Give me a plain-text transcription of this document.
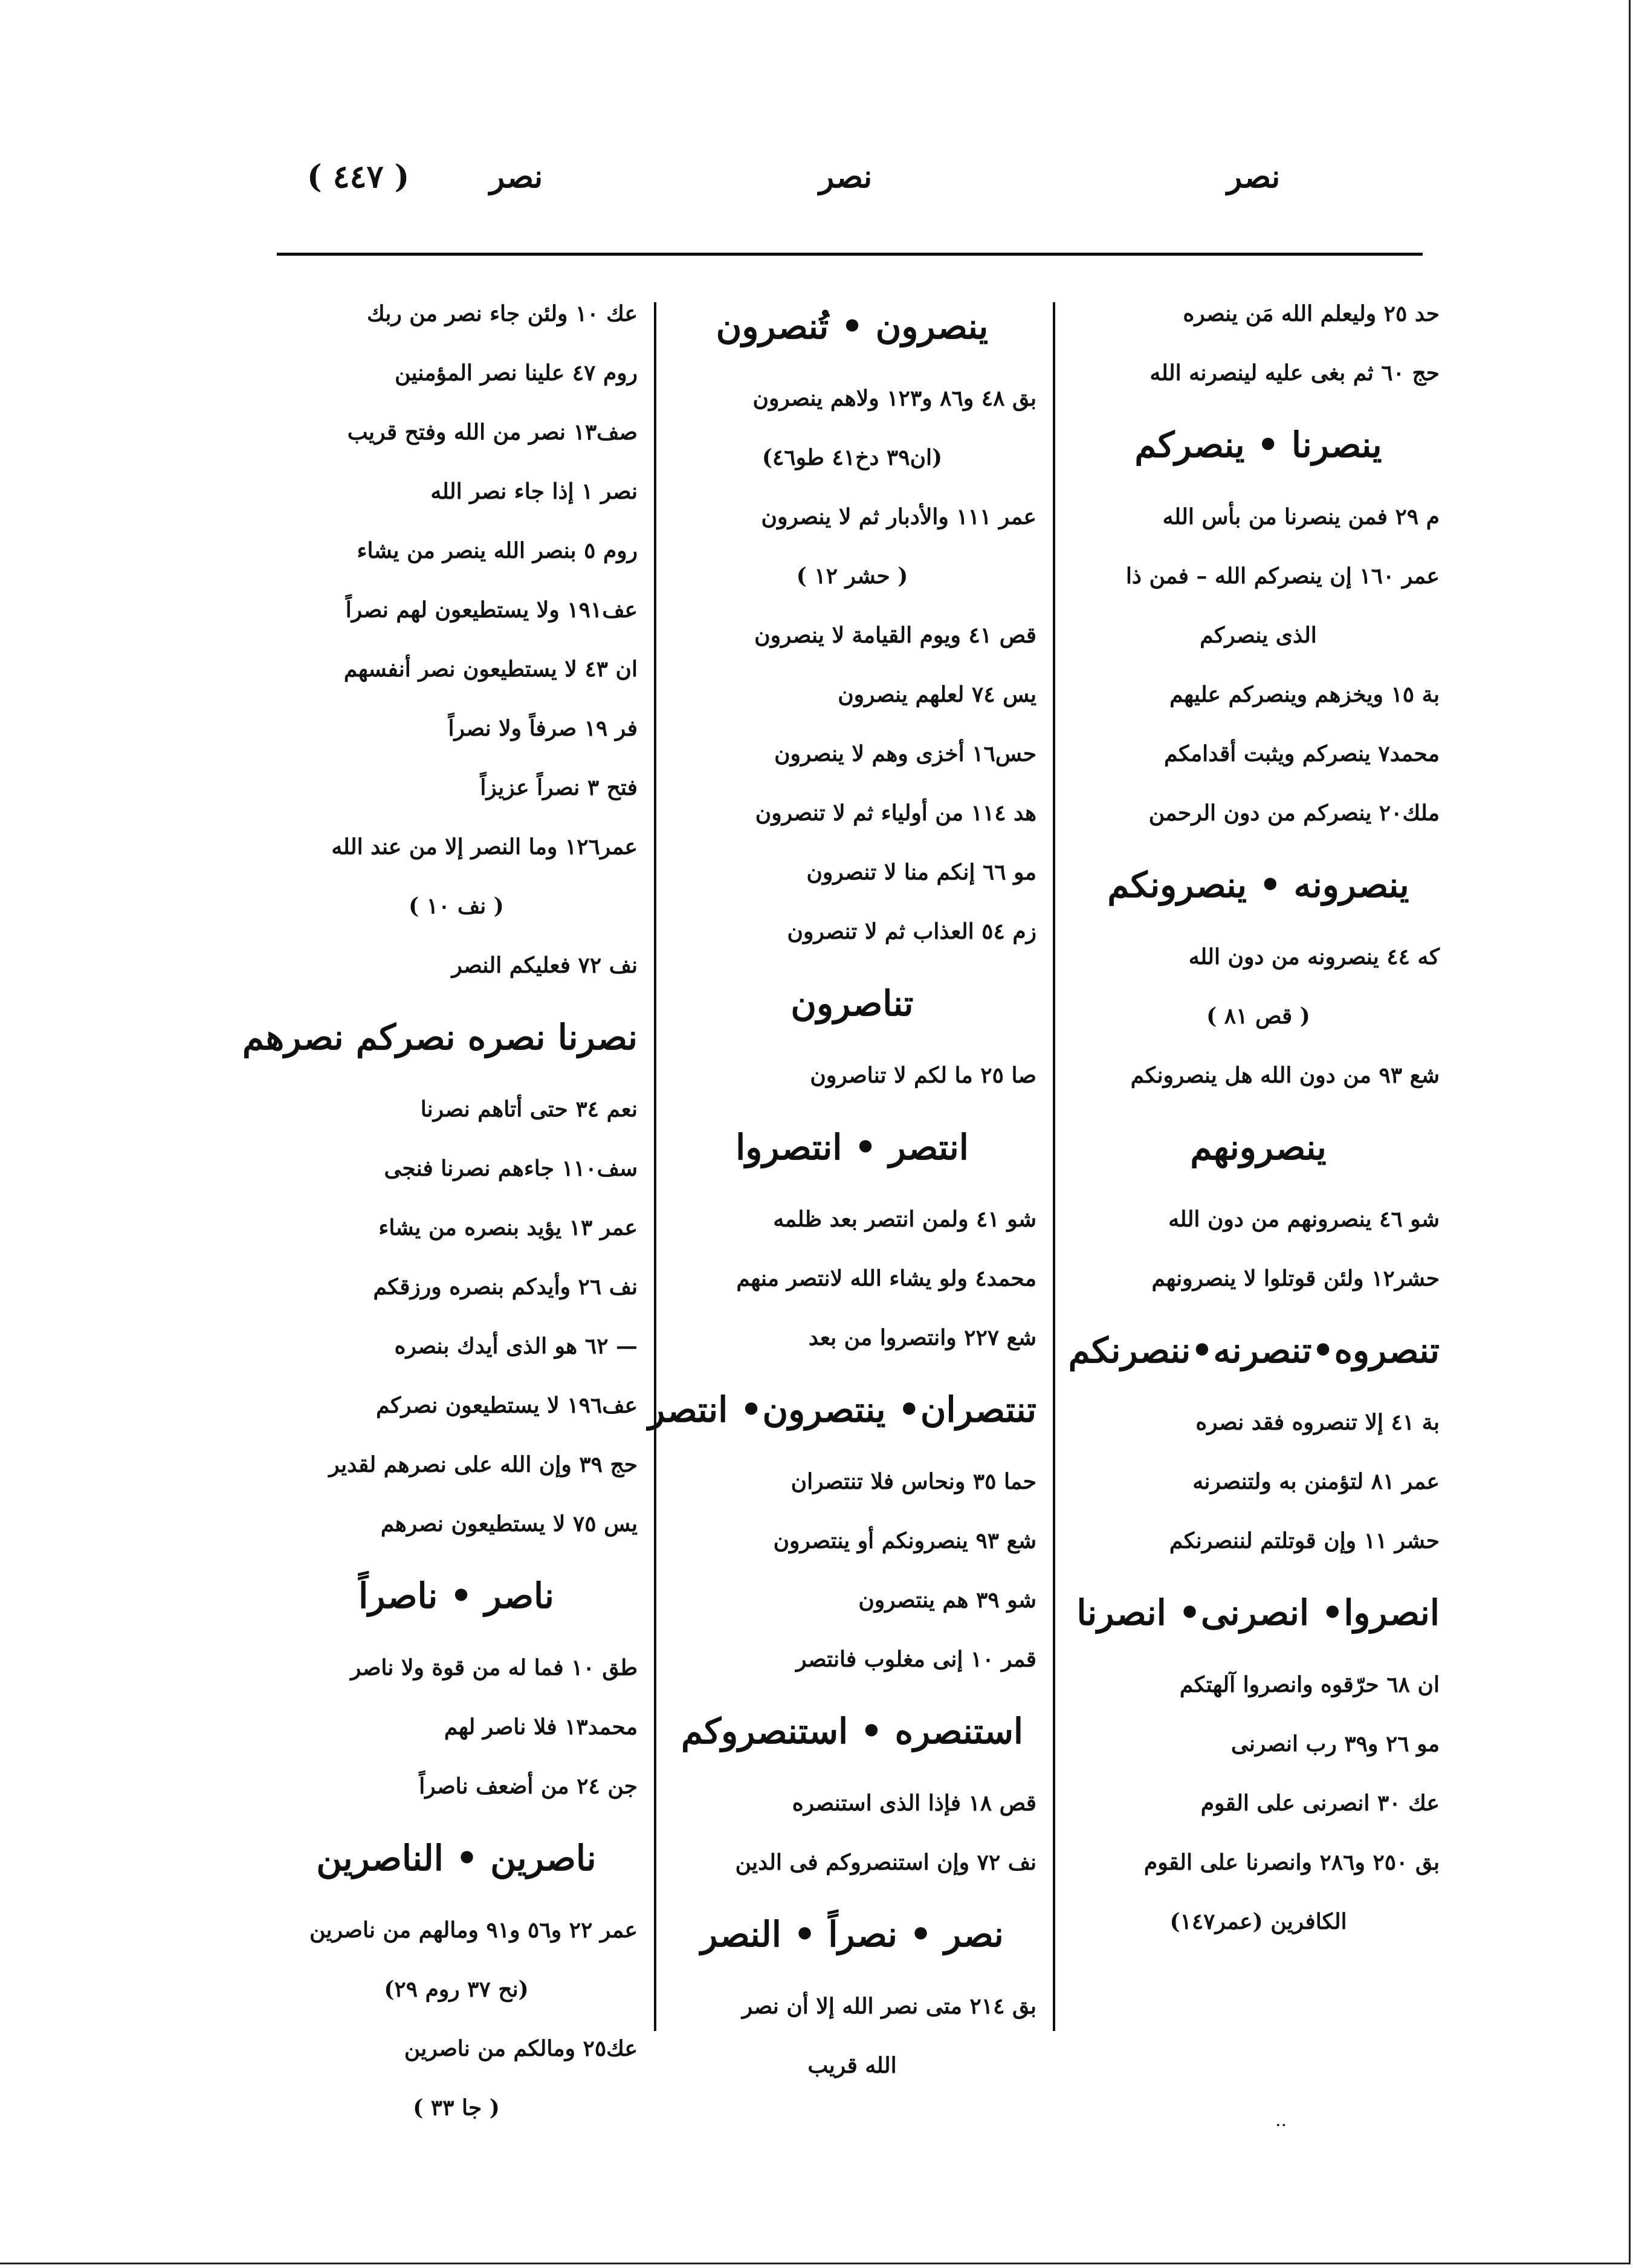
( ٤٤٧ )	نصر	نصر	نصر
حد ٢٥ وليعلم الله مَن ينصره
حج ٦٠ ثم بغى عليه لينصرنه الله
ينصرنا • ينصركم
م ٢٩ فمن ينصرنا من بأس الله
عمر ١٦٠ إن ينصركم الله – فمن ذا
الذى ينصركم
بة ١٥ ويخزهم وينصركم عليهم
محمد٧ ينصركم ويثبت أقدامكم
ملك٢٠ ينصركم من دون الرحمن
ينصرونه • ينصرونكم
كه ٤٤ ينصرونه من دون الله
( قص ٨١ )
شع ٩٣ من دون الله هل ينصرونكم
ينصرونهم
شو ٤٦ ينصرونهم من دون الله
حشر١٢ ولئن قوتلوا لا ينصرونهم
تنصروه•تنصرنه•ننصرنكم
بة ٤١ إلا تنصروه فقد نصره
عمر ٨١ لتؤمنن به ولتنصرنه
حشر ١١ وإن قوتلتم لننصرنكم
انصروا• انصرنى• انصرنا
ان ٦٨ حرّقوه وانصروا آلهتكم
مو ٢٦ و٣٩ رب انصرنى
عك ٣٠ انصرنى على القوم
بق ٢٥٠ و٢٨٦ وانصرنا على القوم
الكافرين (عمر١٤٧)
ينصرون • تُنصرون
بق ٤٨ و٨٦ و١٢٣ ولاهم ينصرون
(ان٣٩ دخ٤١ طو٤٦)
عمر ١١١ والأدبار ثم لا ينصرون
( حشر ١٢ )
قص ٤١ ويوم القيامة لا ينصرون
يس ٧٤ لعلهم ينصرون
حس١٦ أخزى وهم لا ينصرون
هد ١١٤ من أولياء ثم لا تنصرون
مو ٦٦ إنكم منا لا تنصرون
زم ٥٤ العذاب ثم لا تنصرون
تناصرون
صا ٢٥ ما لكم لا تناصرون
انتصر • انتصروا
شو ٤١ ولمن انتصر بعد ظلمه
محمد٤ ولو يشاء الله لانتصر منهم
شع ٢٢٧ وانتصروا من بعد
تنتصران• ينتصرون• انتصر
حما ٣٥ ونحاس فلا تنتصران
شع ٩٣ ينصرونكم أو ينتصرون
شو ٣٩ هم ينتصرون
قمر ١٠ إنى مغلوب فانتصر
استنصره • استنصروكم
قص ١٨ فإذا الذى استنصره
نف ٧٢ وإن استنصروكم فى الدين
نصر • نصراً • النصر
بق ٢١٤ متى نصر الله إلا أن نصر
الله قريب
عك ١٠ ولئن جاء نصر من ربك
روم ٤٧ علينا نصر المؤمنين
صف١٣ نصر من الله وفتح قريب
نصر ١ إذا جاء نصر الله
روم ٥ بنصر الله ينصر من يشاء
عف١٩١ ولا يستطيعون لهم نصراً
ان ٤٣ لا يستطيعون نصر أنفسهم
فر ١٩ صرفاً ولا نصراً
فتح ٣ نصراً عزيزاً
عمر١٢٦ وما النصر إلا من عند الله
( نف ١٠ )
نف ٧٢ فعليكم النصر
نصرنا نصره نصركم نصرهم
نعم ٣٤ حتى أتاهم نصرنا
سف١١٠ جاءهم نصرنا فنجى
عمر ١٣ يؤيد بنصره من يشاء
نف ٢٦ وأيدكم بنصره ورزقكم
— ٦٢ هو الذى أيدك بنصره
عف١٩٦ لا يستطيعون نصركم
حج ٣٩ وإن الله على نصرهم لقدير
يس ٧٥ لا يستطيعون نصرهم
ناصر • ناصراً
طق ١٠ فما له من قوة ولا ناصر
محمد١٣ فلا ناصر لهم
جن ٢٤ من أضعف ناصراً
ناصرين • الناصرين
عمر ٢٢ و٥٦ و٩١ ومالهم من ناصرين
(نح ٣٧ روم ٢٩)
عك٢٥ ومالكم من ناصرين
( جا ٣٣ )	..
